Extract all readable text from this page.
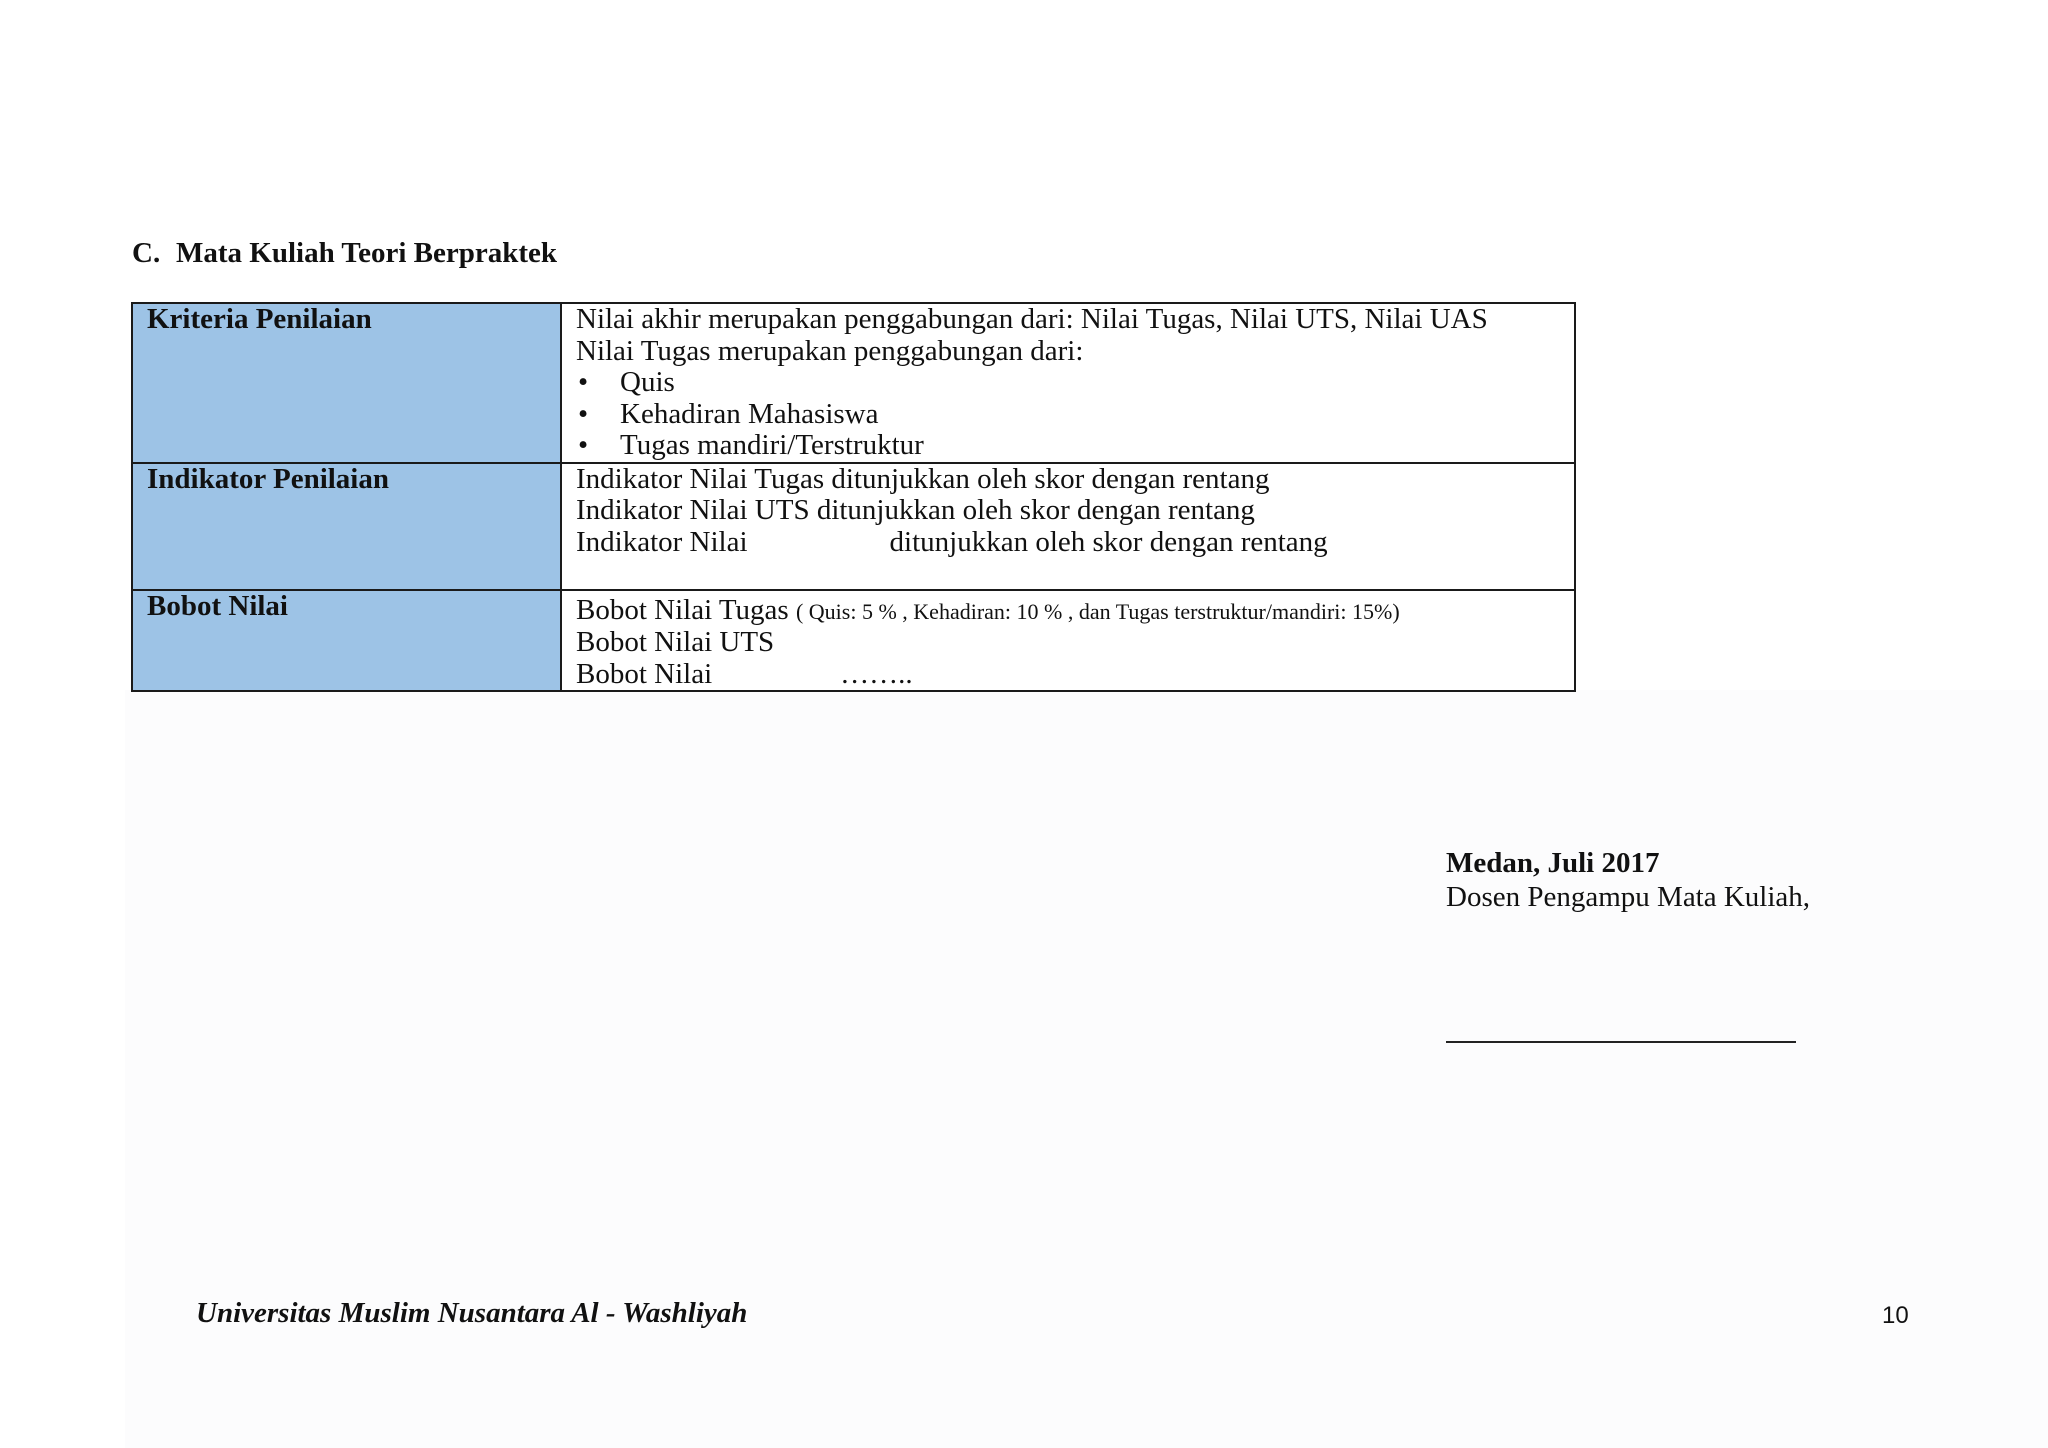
C. Mata Kuliah Teori Berpraktek
Kriteria Penilaian	Nilai akhir merupakan penggabungan dari: Nilai Tugas, Nilai UTS, Nilai UAS
Nilai Tugas merupakan penggabungan dari:
• Quis
• Kehadiran Mahasiswa
• Tugas mandiri/Terstruktur

Indikator Penilaian	Indikator Nilai Tugas ditunjukkan oleh skor dengan rentang
Indikator Nilai UTS ditunjukkan oleh skor dengan rentang
Indikator Nilai ditunjukkan oleh skor dengan rentang

Bobot Nilai	Bobot Nilai Tugas ( Quis: 5 % , Kehadiran: 10 % , dan Tugas terstruktur/mandiri: 15%)
Bobot Nilai UTS
Bobot Nilai ……..
Medan, Juli 2017
Dosen Pengampu Mata Kuliah,
Universitas Muslim Nusantara Al - Washliyah	10
